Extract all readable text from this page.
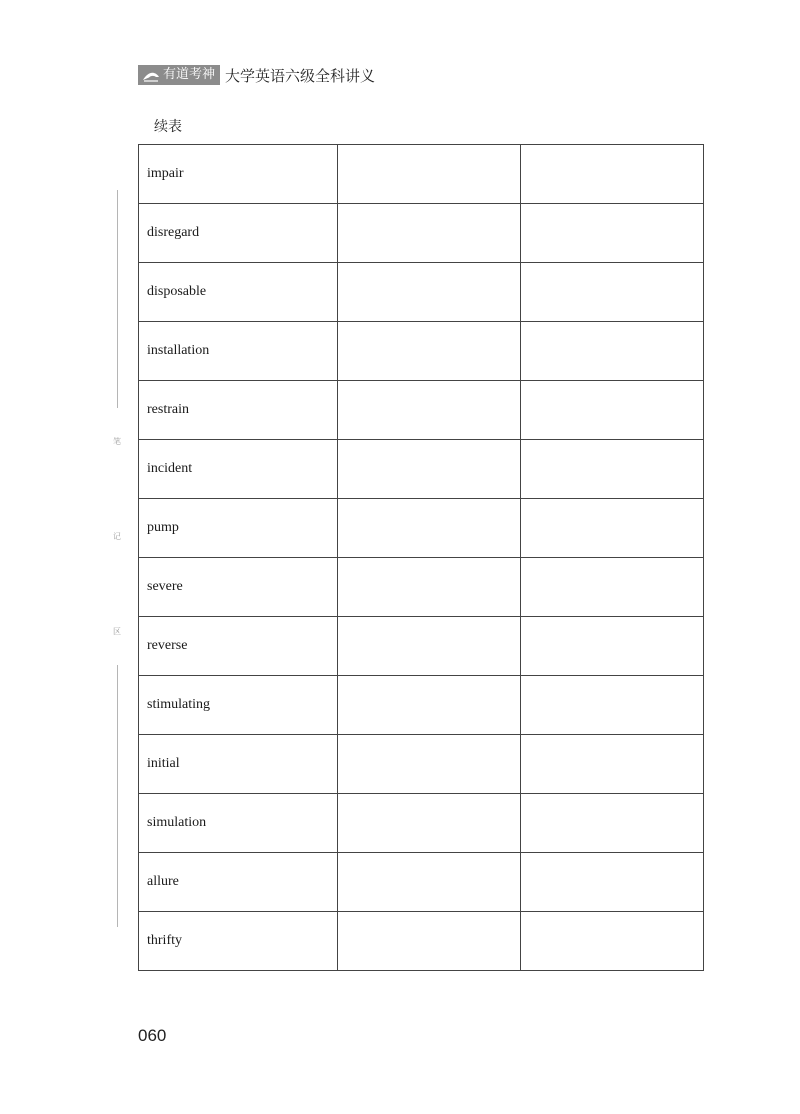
有道考神 大学英语六级全科讲义
续表
笔
记
区
impair		
disregard		
disposable		
installation		
restrain		
incident		
pump		
severe		
reverse		
stimulating		
initial		
simulation		
allure		
thrifty		
060
